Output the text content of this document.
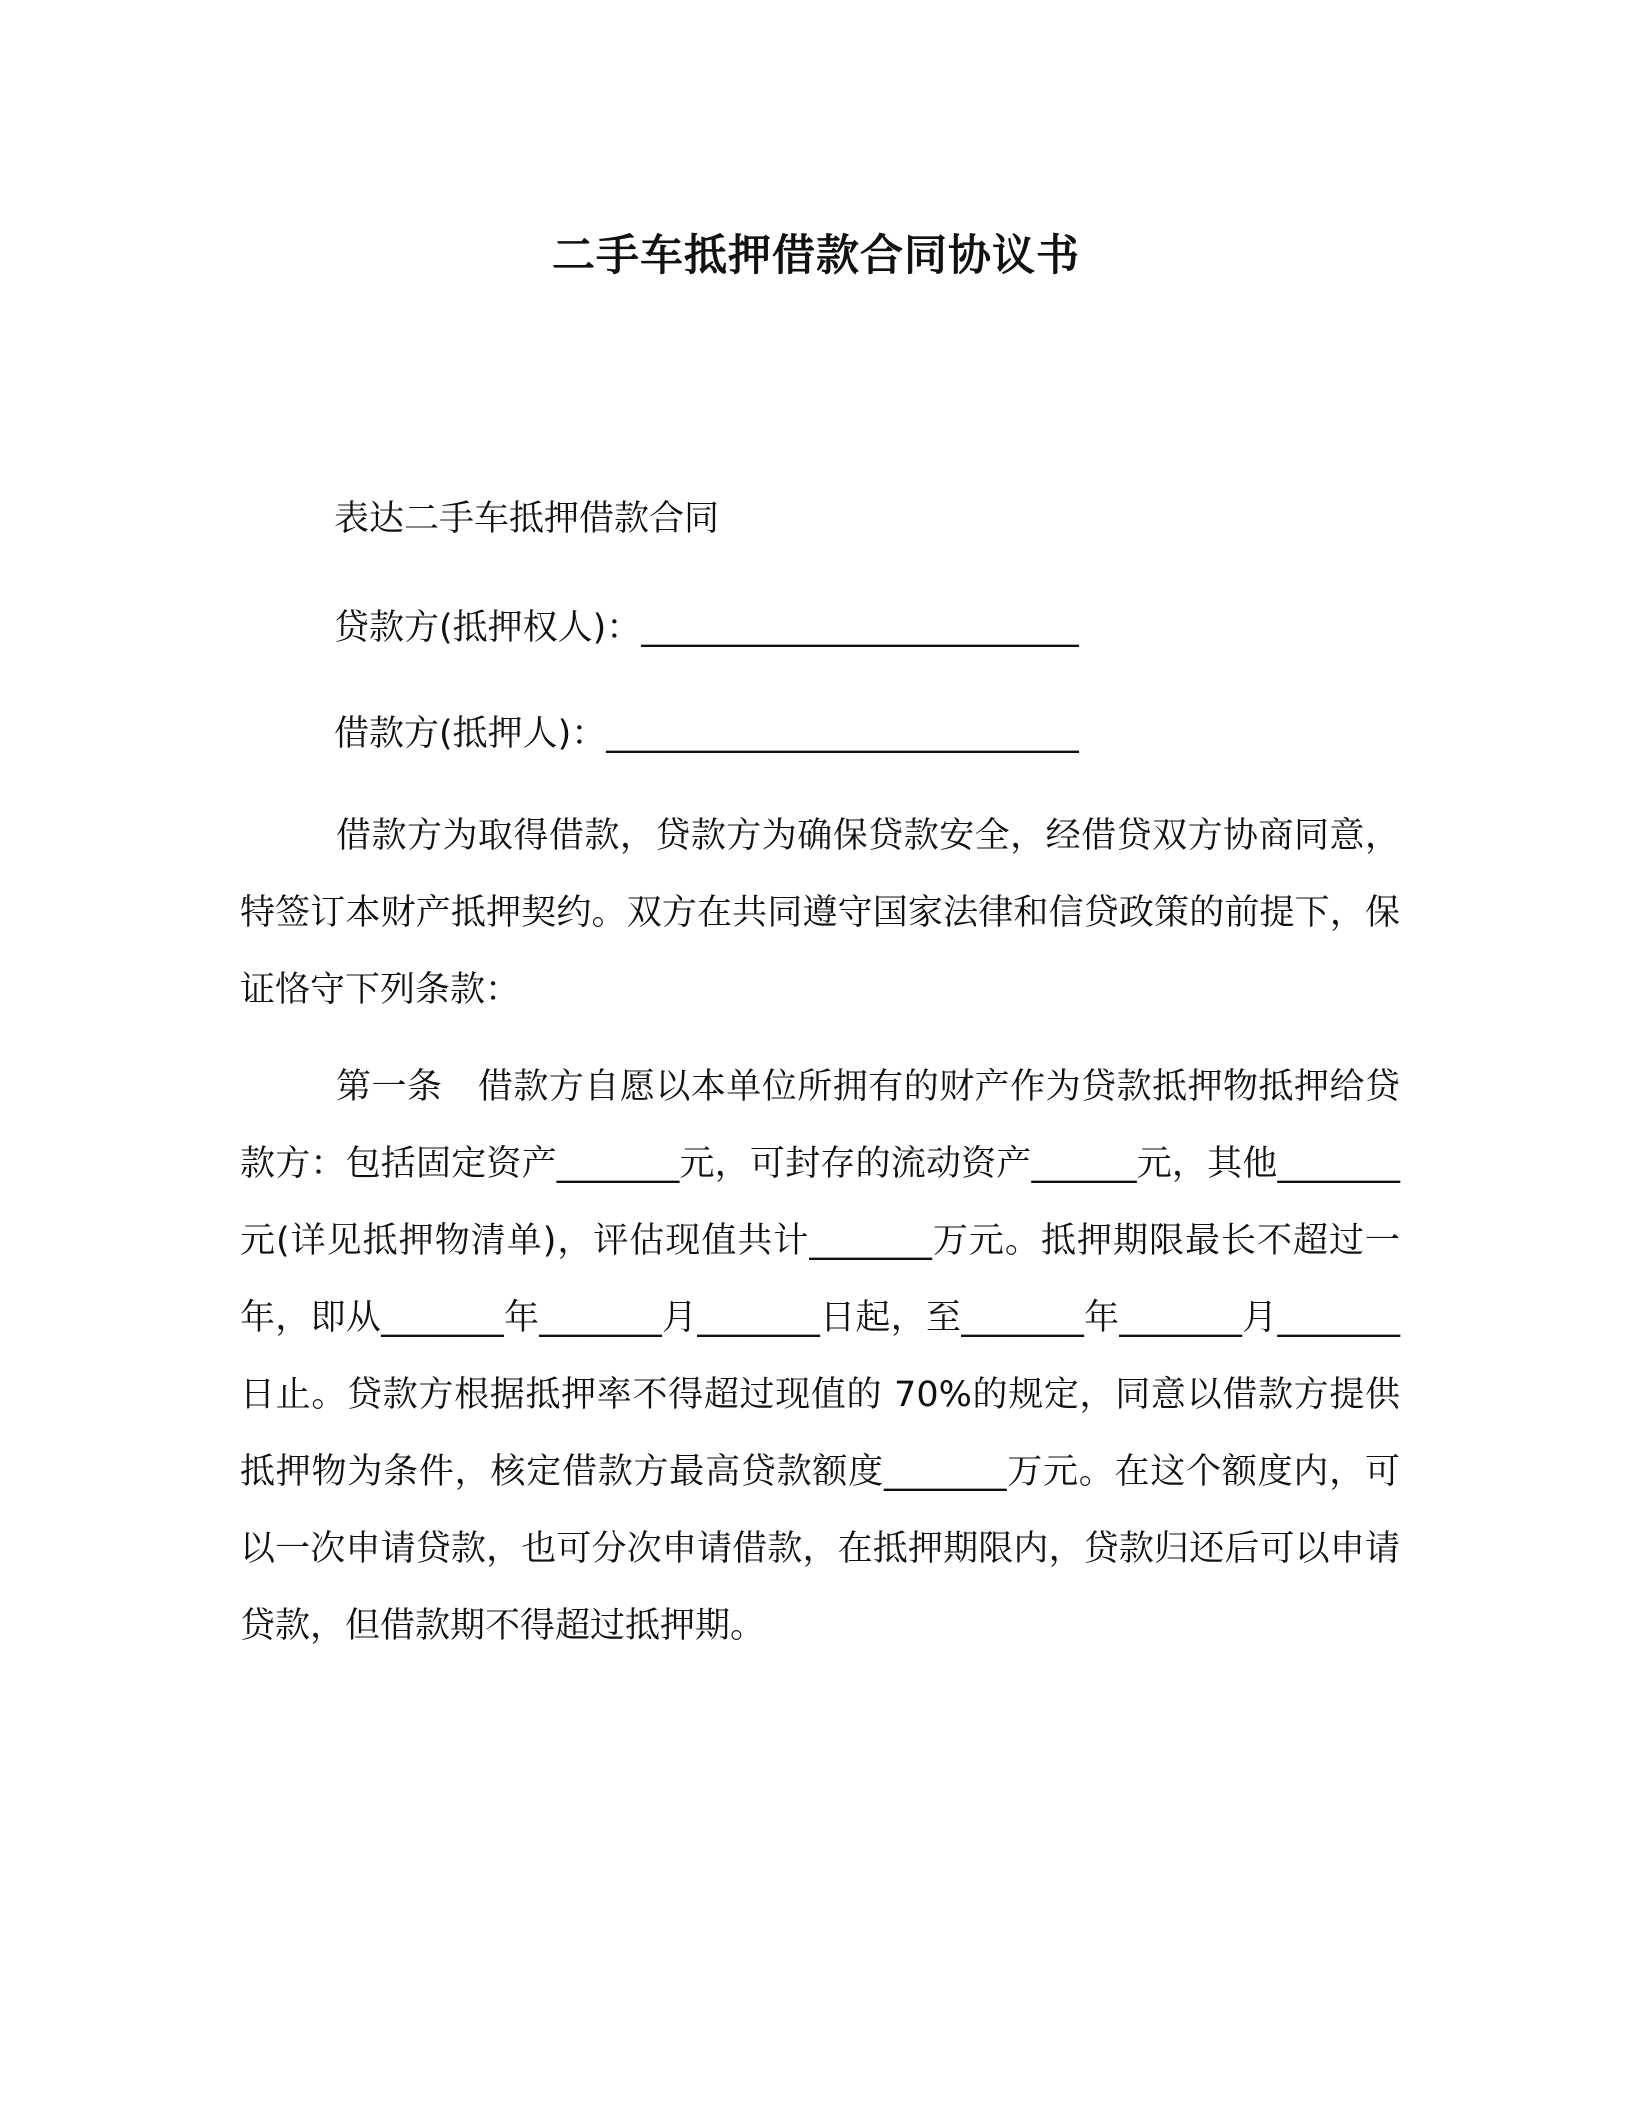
二手车抵押借款合同协议书
表达二手车抵押借款合同
贷款方(抵押权人)：_________________________
借款方(抵押人)：___________________________

借款方为取得借款，贷款方为确保贷款安全，经借贷双方协商同意，特签订本财产抵押契约。双方在共同遵守国家法律和信贷政策的前提下，保证恪守下列条款：

第一条　借款方自愿以本单位所拥有的财产作为贷款抵押物抵押给贷款方：包括固定资产_______元，可封存的流动资产______元，其他_______元(详见抵押物清单)，评估现值共计_______万元。抵押期限最长不超过一年，即从_______年_______月_______日起，至_______年_______月_______日止。贷款方根据抵押率不得超过现值的 70%的规定，同意以借款方提供抵押物为条件，核定借款方最高贷款额度_______万元。在这个额度内，可以一次申请贷款，也可分次申请借款，在抵押期限内，贷款归还后可以申请贷款，但借款期不得超过抵押期。
